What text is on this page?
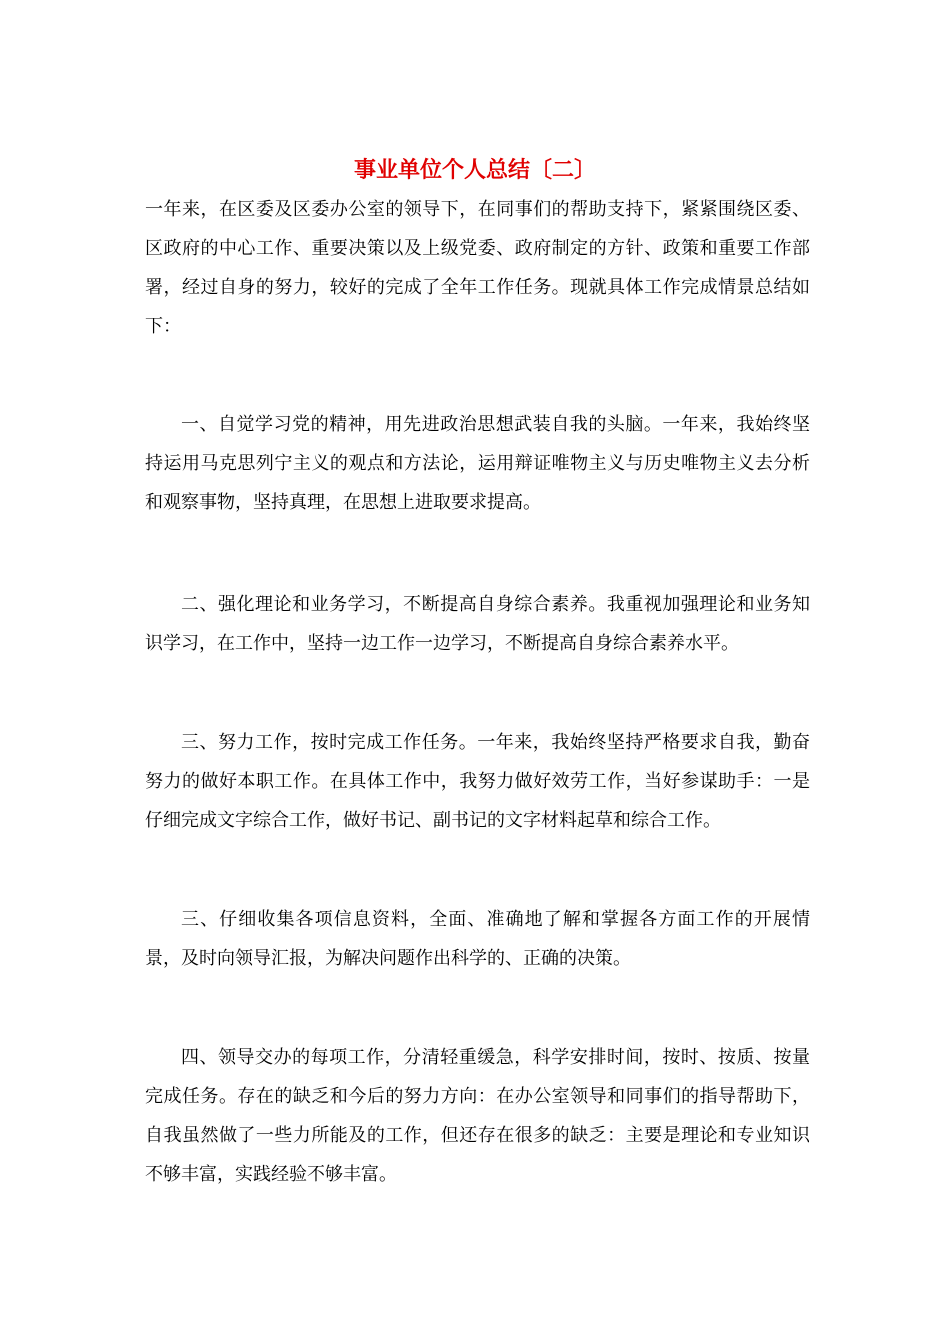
事业单位个人总结〔二〕

一年来，在区委及区委办公室的领导下，在同事们的帮助支持下，紧紧围绕区委、区政府的中心工作、重要决策以及上级党委、政府制定的方针、政策和重要工作部署，经过自身的努力，较好的完成了全年工作任务。现就具体工作完成情景总结如下：

一、自觉学习党的精神，用先进政治思想武装自我的头脑。一年来，我始终坚持运用马克思列宁主义的观点和方法论，运用辩证唯物主义与历史唯物主义去分析和观察事物，坚持真理，在思想上进取要求提高。

二、强化理论和业务学习，不断提高自身综合素养。我重视加强理论和业务知识学习，在工作中，坚持一边工作一边学习，不断提高自身综合素养水平。

三、努力工作，按时完成工作任务。一年来，我始终坚持严格要求自我，勤奋努力的做好本职工作。在具体工作中，我努力做好效劳工作，当好参谋助手：一是仔细完成文字综合工作，做好书记、副书记的文字材料起草和综合工作。

三、仔细收集各项信息资料，全面、准确地了解和掌握各方面工作的开展情景，及时向领导汇报，为解决问题作出科学的、正确的决策。

四、领导交办的每项工作，分清轻重缓急，科学安排时间，按时、按质、按量完成任务。存在的缺乏和今后的努力方向：在办公室领导和同事们的指导帮助下，自我虽然做了一些力所能及的工作，但还存在很多的缺乏：主要是理论和专业知识不够丰富，实践经验不够丰富。
